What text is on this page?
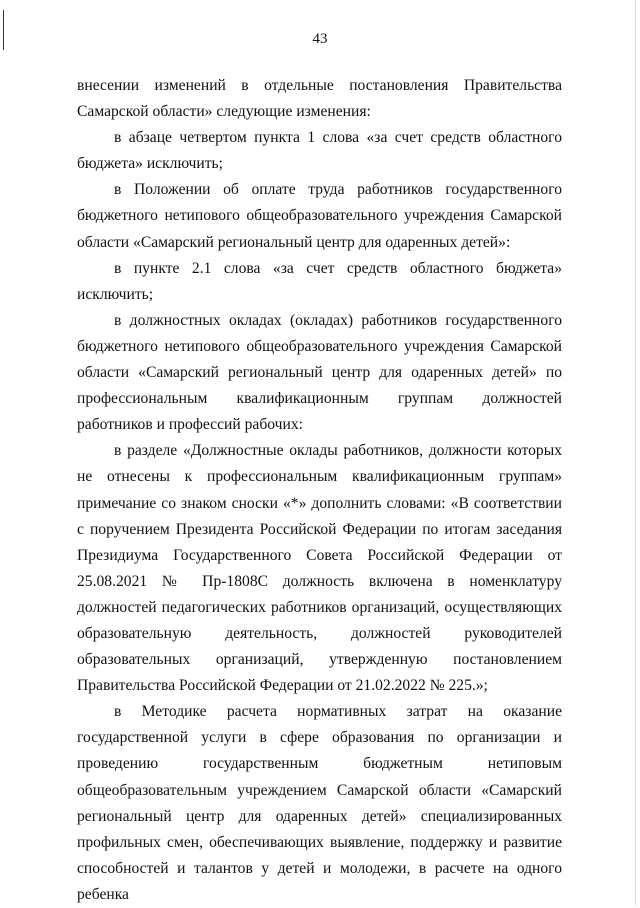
43

внесении изменений в отдельные постановления Правительства Самарской области» следующие изменения:

в абзаце четвертом пункта 1 слова «за счет средств областного бюджета» исключить;

в Положении об оплате труда работников государственного бюджетного нетипового общеобразовательного учреждения Самарской области «Самарский региональный центр для одаренных детей»:

в пункте 2.1 слова «за счет средств областного бюджета» исключить;

в должностных окладах (окладах) работников государственного бюджетного нетипового общеобразовательного учреждения Самарской области «Самарский региональный центр для одаренных детей» по профессиональным квалификационным группам должностей работников и профессий рабочих:

в разделе «Должностные оклады работников, должности которых не отнесены к профессиональным квалификационным группам» примечание со знаком сноски «*» дополнить словами: «В соответствии с поручением Президента Российской Федерации по итогам заседания Президиума Государственного Совета Российской Федерации от 25.08.2021 № Пр-1808С должность включена в номенклатуру должностей педагогических работников организаций, осуществляющих образовательную деятельность, должностей руководителей образовательных организаций, утвержденную постановлением Правительства Российской Федерации от 21.02.2022 № 225.»;

в Методике расчета нормативных затрат на оказание государственной услуги в сфере образования по организации и проведению государственным бюджетным нетиповым общеобразовательным учреждением Самарской области «Самарский региональный центр для одаренных детей» специализированных профильных смен, обеспечивающих выявление, поддержку и развитие способностей и талантов у детей и молодежи, в расчете на одного ребенка
